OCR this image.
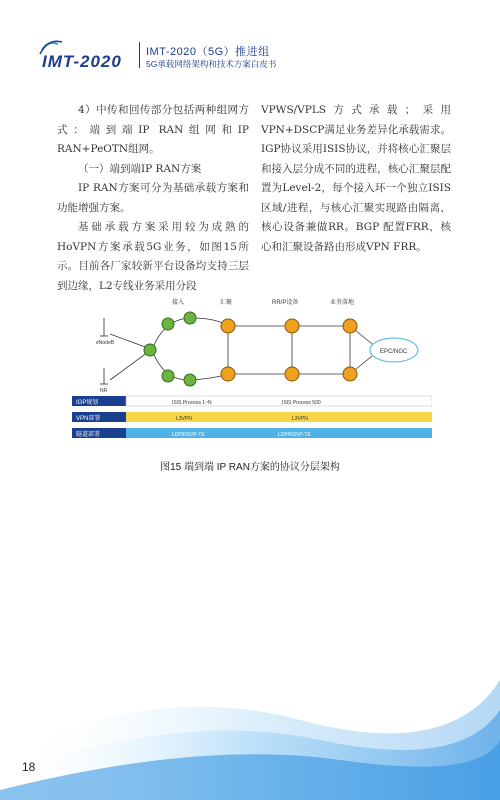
IMT-2020 IMT-2020（5G）推进组
5G承载网络架构和技术方案白皮书

4）中传和回传部分包括两种组网方式：端到端IP RAN组网和IP RAN+PeOTN组网。

（一）端到端IP RAN方案

IP RAN方案可分为基础承载方案和功能增强方案。

基础承载方案采用较为成熟的HoVPN方案承载5G业务，如图15所示。目前各厂家较新平台设备均支持三层到边缘，L2专线业务采用分段

VPWS/VPLS方式承载；采用VPN+DSCP满足业务差异化承载需求。IGP协议采用ISIS协议，并将核心汇聚层和接入层分成不同的进程，核心汇聚层配置为Level-2，每个接入环一个独立ISIS区域/进程，与核心汇聚实现路由隔离，核心设备兼做RR。BGP 配置FRR，核心和汇聚设备路由形成VPN FRR。

接入	汇聚	RR/P设备	业务落地
eNodeB
NR
EPC/NGC
IGP规划	ISIS Process 1~N	ISIS Process 500
VPN部署	L3VPN	L3VPN
隧道部署	LDP/RSVP-TE	LDP/RSVP-TE
图15 端到端 IP RAN方案的协议分层架构
18
